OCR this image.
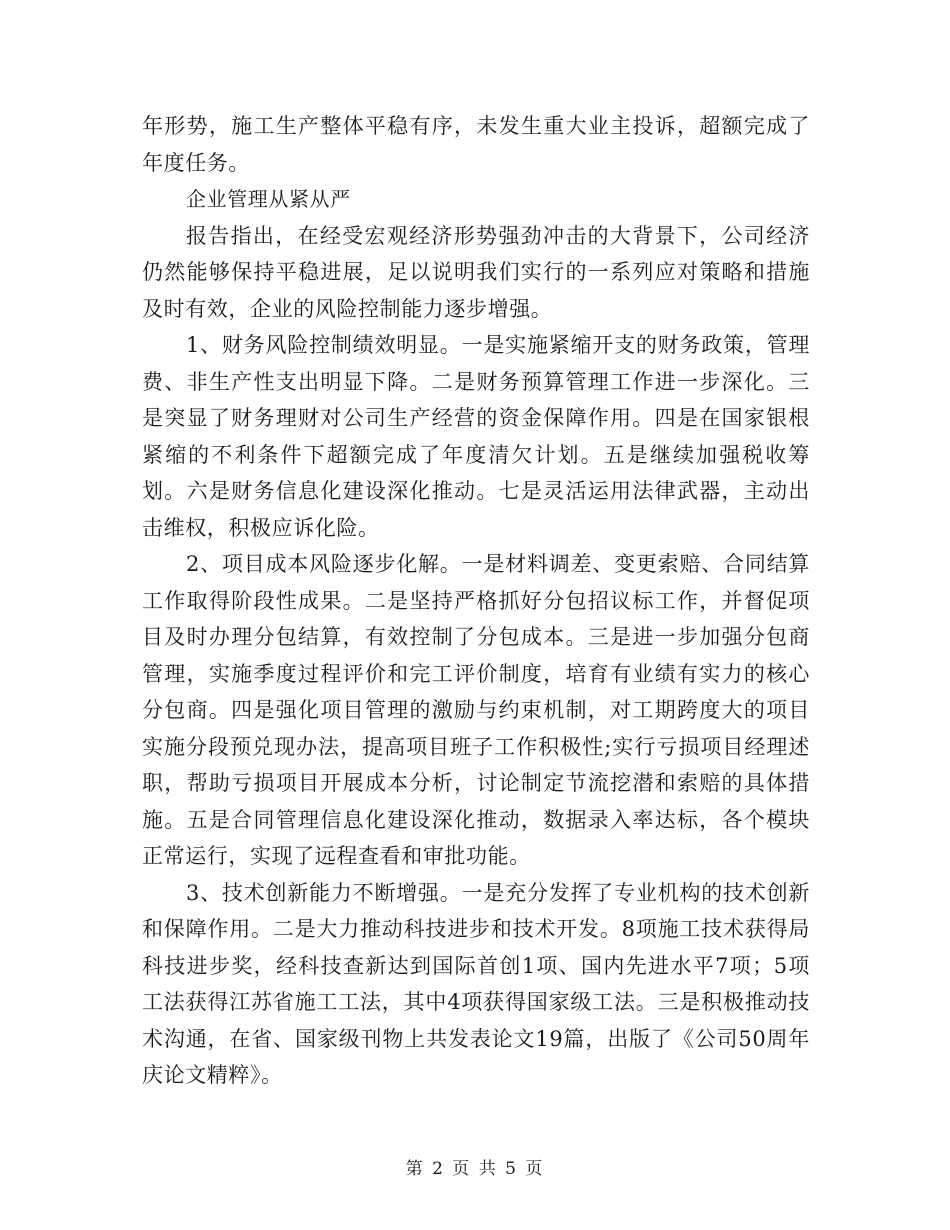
年形势，施工生产整体平稳有序，未发生重大业主投诉，超额完成了年度任务。

企业管理从紧从严

报告指出，在经受宏观经济形势强劲冲击的大背景下，公司经济仍然能够保持平稳进展，足以说明我们实行的一系列应对策略和措施及时有效，企业的风险控制能力逐步增强。

1、财务风险控制绩效明显。一是实施紧缩开支的财务政策，管理费、非生产性支出明显下降。二是财务预算管理工作进一步深化。三是突显了财务理财对公司生产经营的资金保障作用。四是在国家银根紧缩的不利条件下超额完成了年度清欠计划。五是继续加强税收筹划。六是财务信息化建设深化推动。七是灵活运用法律武器，主动出击维权，积极应诉化险。

2、项目成本风险逐步化解。一是材料调差、变更索赔、合同结算工作取得阶段性成果。二是坚持严格抓好分包招议标工作，并督促项目及时办理分包结算，有效控制了分包成本。三是进一步加强分包商管理，实施季度过程评价和完工评价制度，培育有业绩有实力的核心分包商。四是强化项目管理的激励与约束机制，对工期跨度大的项目实施分段预兑现办法，提高项目班子工作积极性;实行亏损项目经理述职，帮助亏损项目开展成本分析，讨论制定节流挖潜和索赔的具体措施。五是合同管理信息化建设深化推动，数据录入率达标，各个模块正常运行，实现了远程查看和审批功能。

3、技术创新能力不断增强。一是充分发挥了专业机构的技术创新和保障作用。二是大力推动科技进步和技术开发。8项施工技术获得局科技进步奖，经科技查新达到国际首创1项、国内先进水平7项；5项工法获得江苏省施工工法，其中4项获得国家级工法。三是积极推动技术沟通，在省、国家级刊物上共发表论文19篇，出版了《公司50周年庆论文精粹》。

第 2 页 共 5 页
